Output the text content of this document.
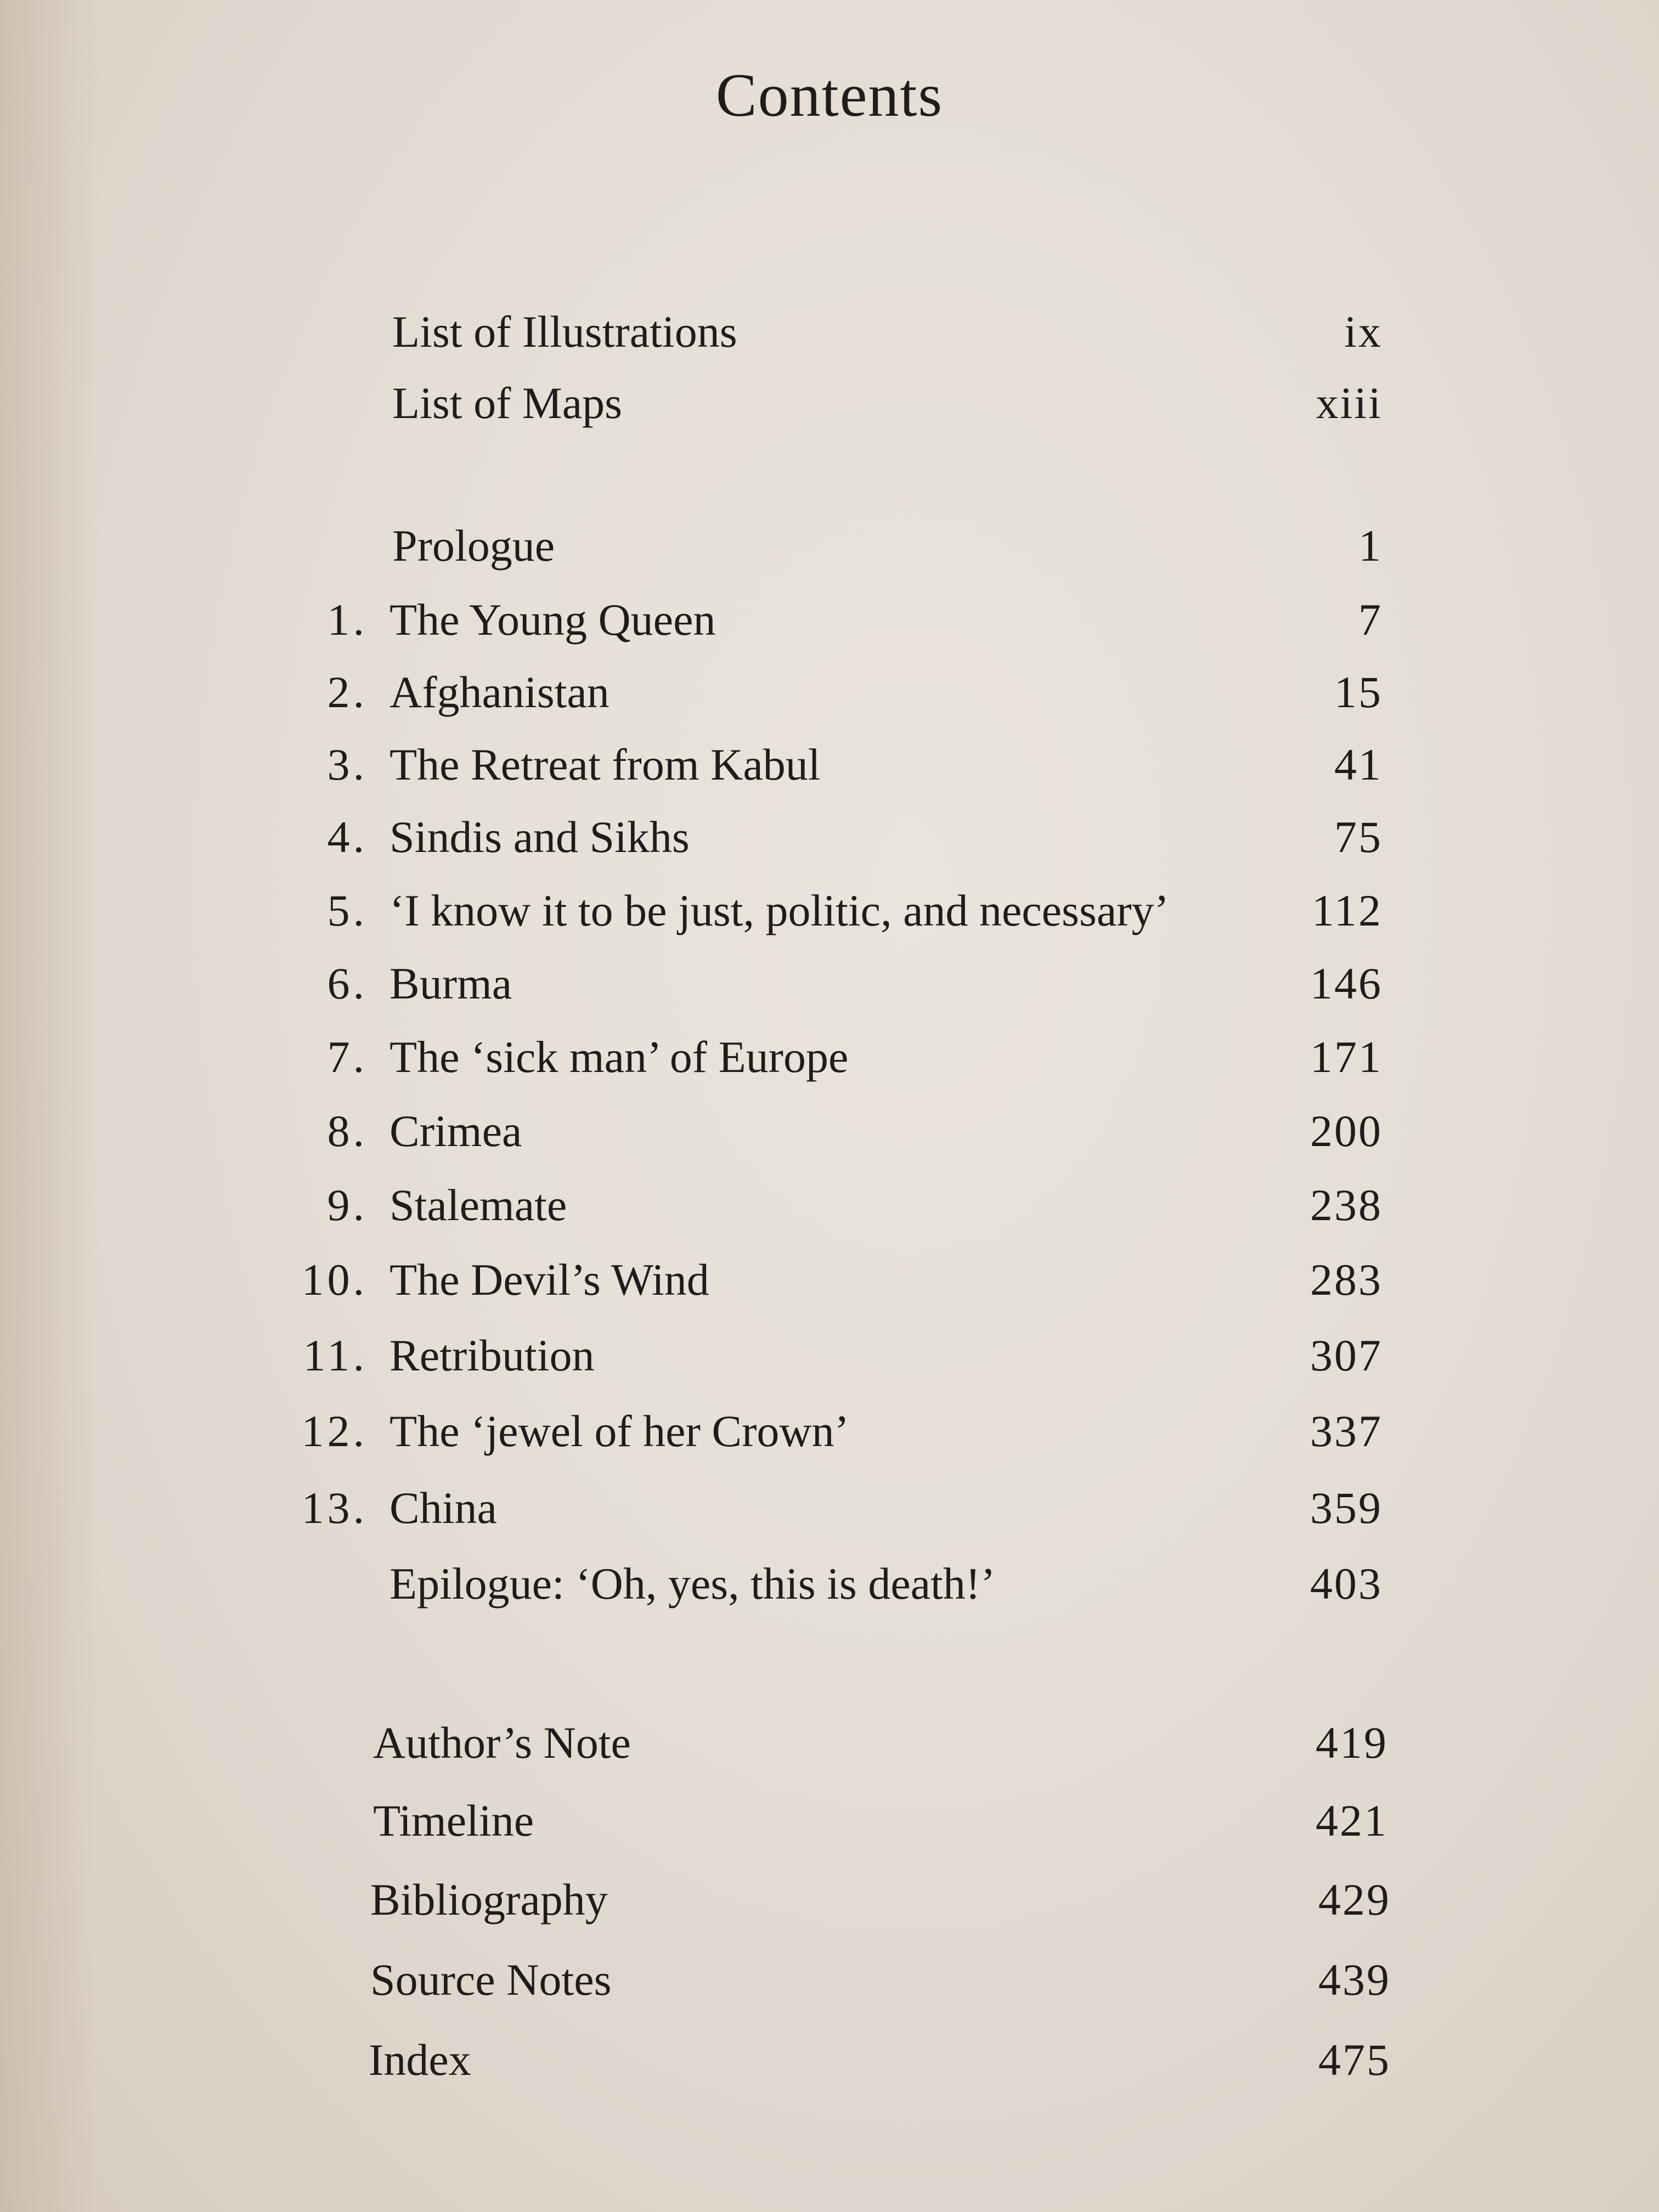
Contents
List of Illustrations	ix
List of Maps	xiii
Prologue	1
1. The Young Queen	7
2. Afghanistan	15
3. The Retreat from Kabul	41
4. Sindis and Sikhs	75
5. ‘I know it to be just, politic, and necessary’	112
6. Burma	146
7. The ‘sick man’ of Europe	171
8. Crimea	200
9. Stalemate	238
10. The Devil’s Wind	283
11. Retribution	307
12. The ‘jewel of her Crown’	337
13. China	359
Epilogue: ‘Oh, yes, this is death!’	403
Author’s Note	419
Timeline	421
Bibliography	429
Source Notes	439
Index	475
